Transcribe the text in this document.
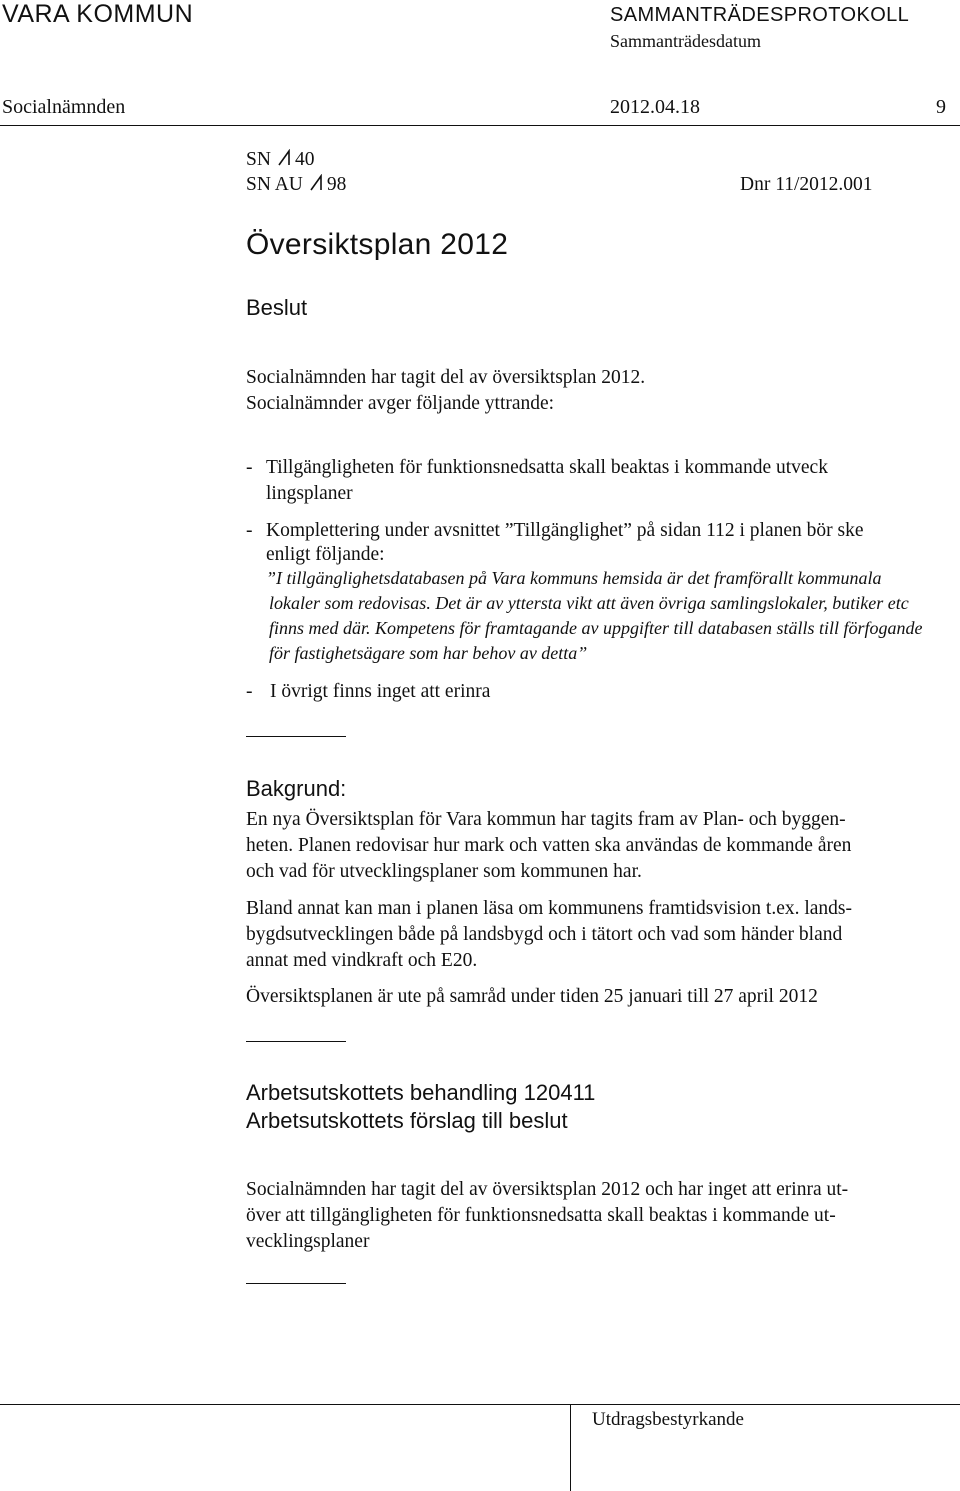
VARA KOMMUN	SAMMANTRÄDESPROTOKOLL
Sammanträdesdatum
Socialnämnden	2012.04.18	9
SN 40
SN AU 98	Dnr 11/2012.001
Översiktsplan 2012
Beslut
Socialnämnden har tagit del av översiktsplan 2012.
Socialnämnder avger följande yttrande:
- Tillgängligheten för funktionsnedsatta skall beaktas i kommande utveck
lingsplaner
- Komplettering under avsnittet ”Tillgänglighet” på sidan 112 i planen bör ske
enligt följande:
”I tillgänglighetsdatabasen på Vara kommuns hemsida är det framförallt kommunala
lokaler som redovisas. Det är av yttersta vikt att även övriga samlingslokaler, butiker etc
finns med där. Kompetens för framtagande av uppgifter till databasen ställs till förfogande
för fastighetsägare som har behov av detta”
- I övrigt finns inget att erinra
Bakgrund:
En nya Översiktsplan för Vara kommun har tagits fram av Plan- och byggen-
heten. Planen redovisar hur mark och vatten ska användas de kommande åren
och vad för utvecklingsplaner som kommunen har.
Bland annat kan man i planen läsa om kommunens framtidsvision t.ex. lands-
bygdsutvecklingen både på landsbygd och i tätort och vad som händer bland
annat med vindkraft och E20.
Översiktsplanen är ute på samråd under tiden 25 januari till 27 april 2012
Arbetsutskottets behandling 120411
Arbetsutskottets förslag till beslut
Socialnämnden har tagit del av översiktsplan 2012 och har inget att erinra ut-
över att tillgängligheten för funktionsnedsatta skall beaktas i kommande ut-
vecklingsplaner
Utdragsbestyrkande
